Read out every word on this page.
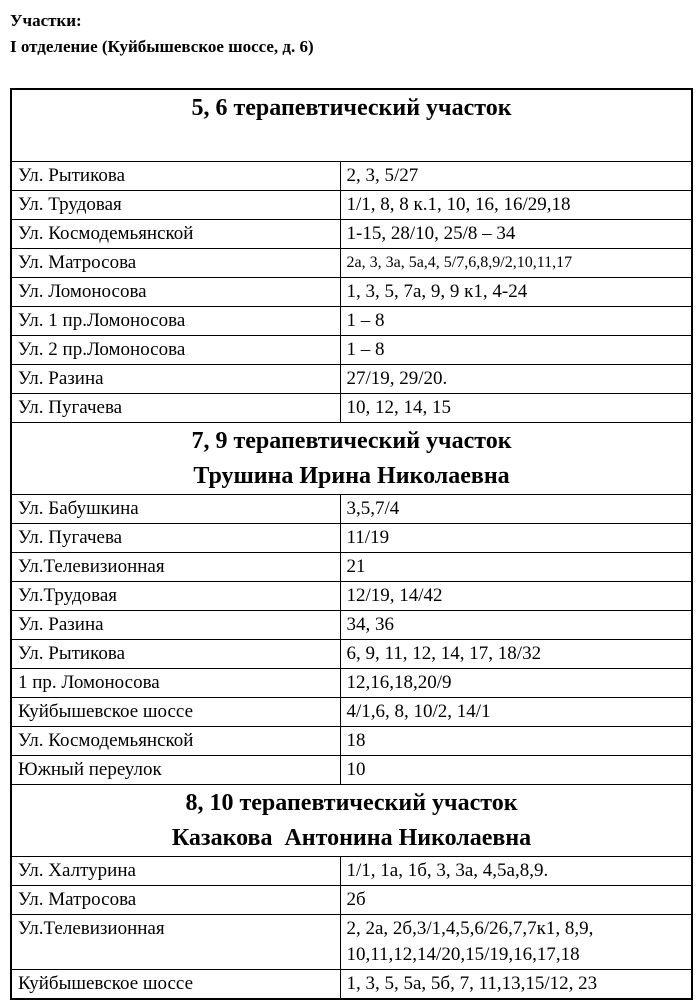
Участки:
I отделение (Куйбышевское шоссе, д. 6)
5, 6 терапевтический участок	

Ул. Рытикова	2, 3, 5/27
Ул. Трудовая	1/1, 8, 8 к.1, 10, 16, 16/29,18
Ул. Космодемьянской	1-15, 28/10, 25/8 – 34
Ул. Матросова	2а, 3, 3а, 5а,4, 5/7,6,8,9/2,10,11,17
Ул. Ломоносова	1, 3, 5, 7а, 9, 9 к1, 4-24
Ул. 1 пр.Ломоносова	1 – 8
Ул. 2 пр.Ломоносова	1 – 8
Ул. Разина	27/19, 29/20.
Ул. Пугачева	10, 12, 14, 15

7, 9 терапевтический участок
Трушина Ирина Николаевна	

Ул. Бабушкина	3,5,7/4
Ул. Пугачева	11/19
Ул.Телевизионная	21
Ул.Трудовая	12/19, 14/42
Ул. Разина	34, 36
Ул. Рытикова	6, 9, 11, 12, 14, 17, 18/32
1 пр. Ломоносова	12,16,18,20/9
Куйбышевское шоссе	4/1,6, 8, 10/2, 14/1
Ул. Космодемьянской	18
Южный переулок	10

8, 10 терапевтический участок
Казакова  Антонина Николаевна	

Ул. Халтурина	1/1, 1а, 1б, 3, 3а, 4,5а,8,9.
Ул. Матросова	2б
Ул.Телевизионная	2, 2а, 2б,3/1,4,5,6/26,7,7к1, 8,9, 10,11,12,14/20,15/19,16,17,18
Куйбышевское шоссе	1, 3, 5, 5а, 5б, 7, 11,13,15/12, 23
